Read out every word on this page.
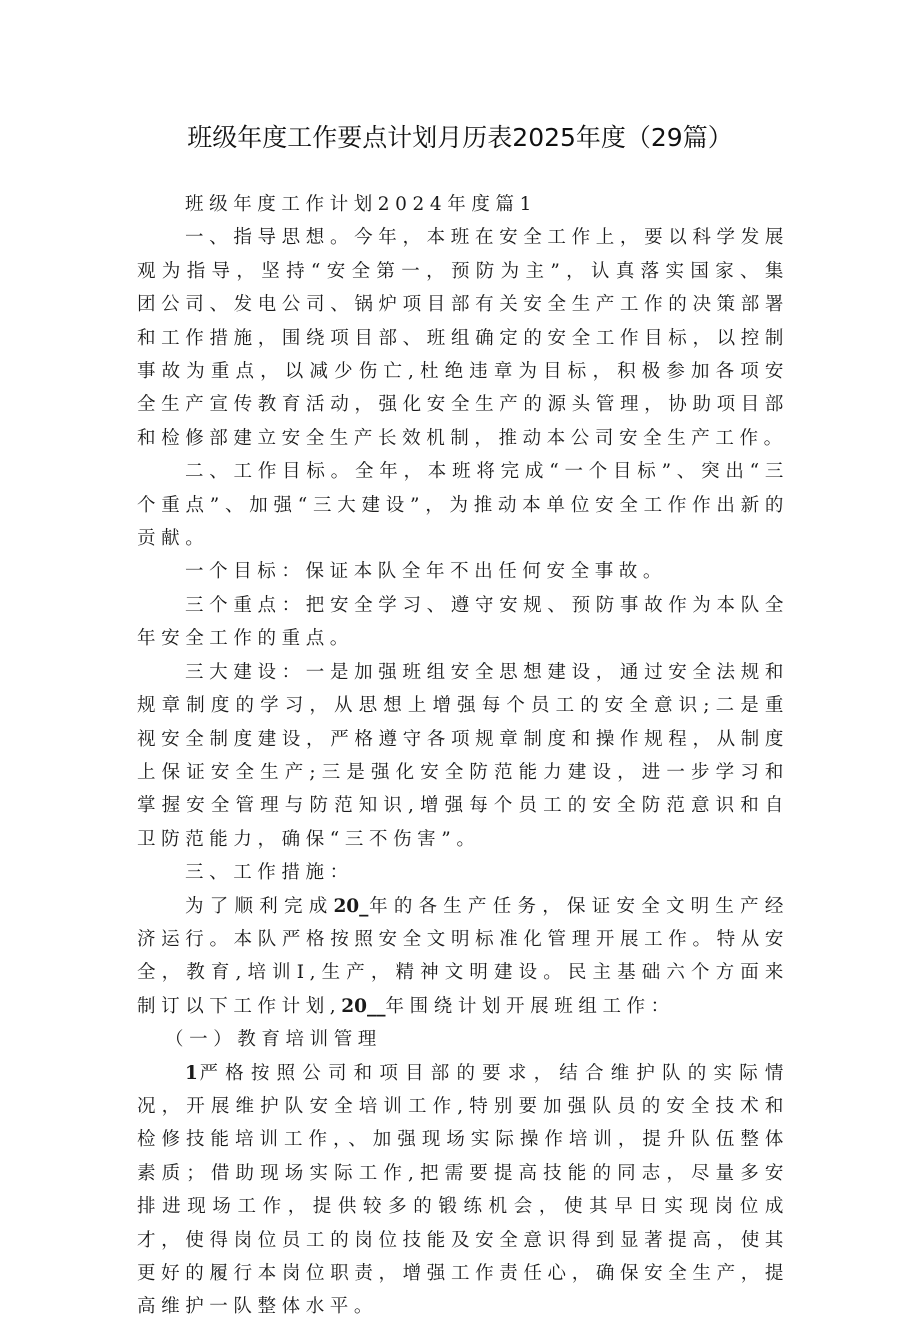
班级年度工作要点计划月历表2025年度（29篇）

班级年度工作计划2024年度篇1

一、指导思想。今年，本班在安全工作上，要以科学发展观为指导，坚持“安全第一，预防为主”，认真落实国家、集团公司、发电公司、锅炉项目部有关安全生产工作的决策部署和工作措施，围绕项目部、班组确定的安全工作目标，以控制事故为重点，以减少伤亡,杜绝违章为目标，积极参加各项安全生产宣传教育活动，强化安全生产的源头管理，协助项目部和检修部建立安全生产长效机制，推动本公司安全生产工作。

二、工作目标。全年，本班将完成“一个目标”、突出“三个重点”、加强“三大建设”，为推动本单位安全工作作出新的贡献。

一个目标：保证本队全年不出任何安全事故。

三个重点：把安全学习、遵守安规、预防事故作为本队全年安全工作的重点。

三大建设：一是加强班组安全思想建设，通过安全法规和规章制度的学习，从思想上增强每个员工的安全意识;二是重视安全制度建设，严格遵守各项规章制度和操作规程，从制度上保证安全生产;三是强化安全防范能力建设，进一步学习和掌握安全管理与防范知识,增强每个员工的安全防范意识和自卫防范能力，确保“三不伤害”。

三、工作措施：

为了顺利完成20_年的各生产任务，保证安全文明生产经济运行。本队严格按照安全文明标准化管理开展工作。特从安全，教育,培训I,生产，精神文明建设。民主基础六个方面来制订以下工作计划,20__年围绕计划开展班组工作：

（一）教育培训管理

1严格按照公司和项目部的要求，结合维护队的实际情况，开展维护队安全培训工作,特别要加强队员的安全技术和检修技能培训工作，、加强现场实际操作培训，提升队伍整体素质；借助现场实际工作,把需要提高技能的同志，尽量多安排进现场工作，提供较多的锻练机会，使其早日实现岗位成才，使得岗位员工的岗位技能及安全意识得到显著提高，使其更好的履行本岗位职责，增强工作责任心，确保安全生产，提高维护一队整体水平。
